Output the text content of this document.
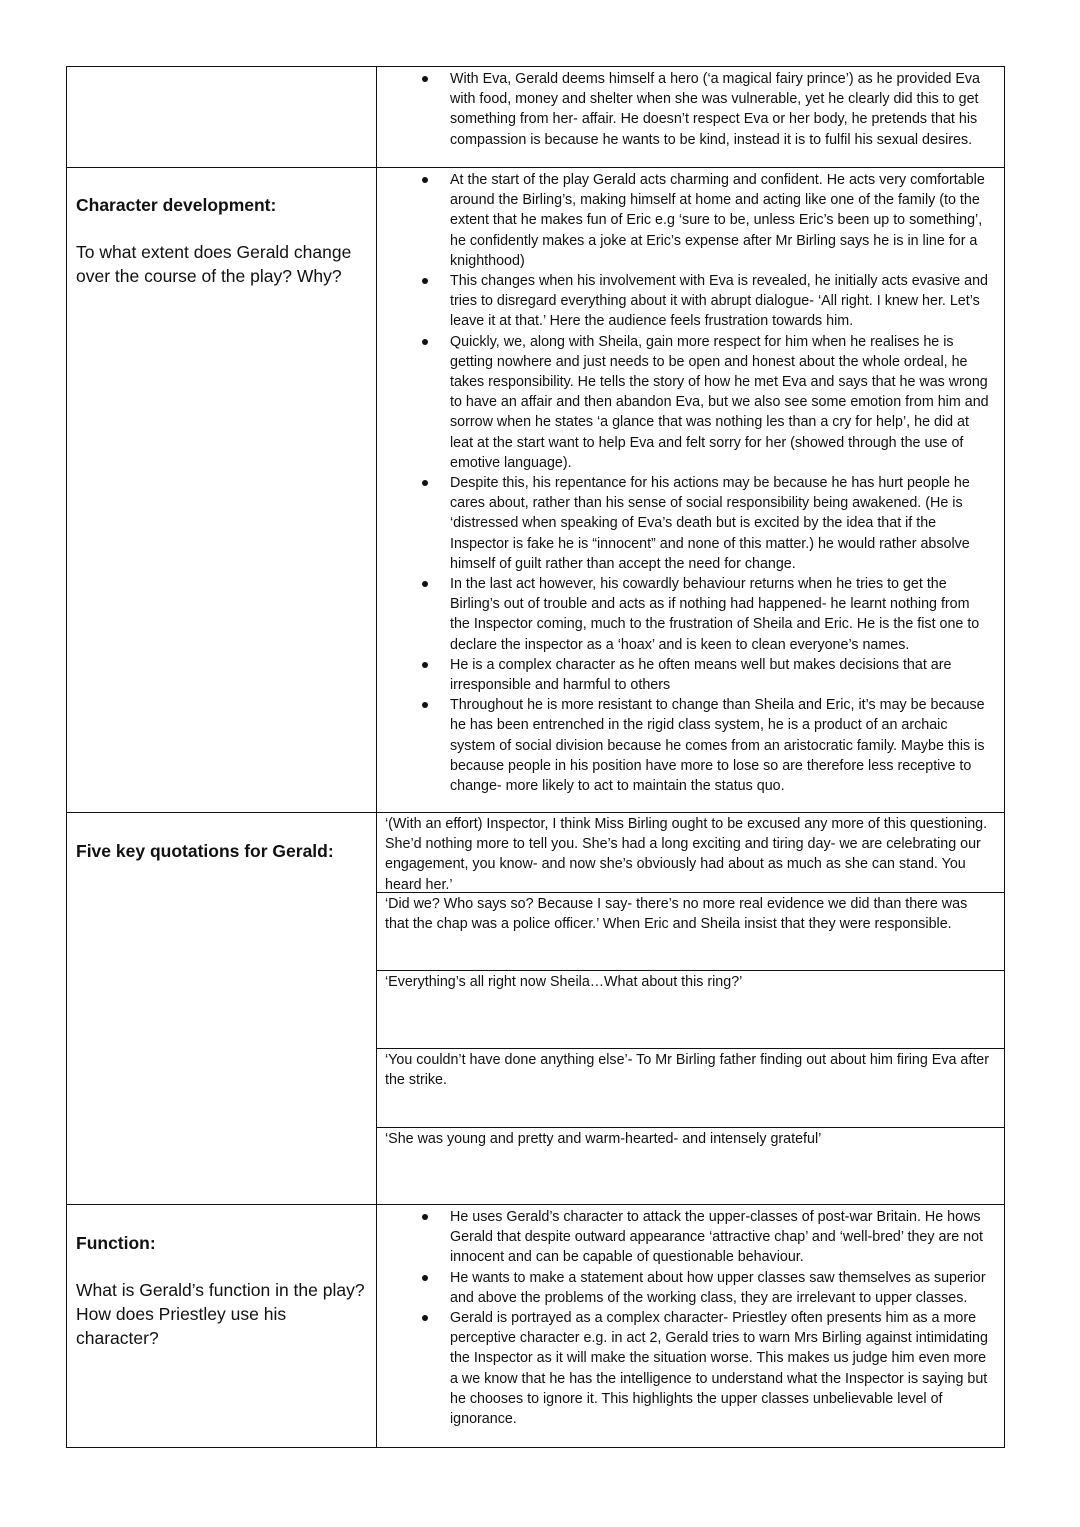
With Eva, Gerald deems himself a hero (‘a magical fairy prince’) as he provided Eva with food, money and shelter when she was vulnerable, yet he clearly did this to get something from her- affair. He doesn’t respect Eva or her body, he pretends that his compassion is because he wants to be kind, instead it is to fulfil his sexual desires.

Character development:

To what extent does Gerald change over the course of the play? Why?

At the start of the play Gerald acts charming and confident. He acts very comfortable around the Birling’s, making himself at home and acting like one of the family (to the extent that he makes fun of Eric e.g ‘sure to be, unless Eric’s been up to something’, he confidently makes a joke at Eric’s expense after Mr Birling says he is in line for a knighthood)
This changes when his involvement with Eva is revealed, he initially acts evasive and tries to disregard everything about it with abrupt dialogue- ‘All right. I knew her. Let’s leave it at that.’ Here the audience feels frustration towards him.
Quickly, we, along with Sheila, gain more respect for him when he realises he is getting nowhere and just needs to be open and honest about the whole ordeal, he takes responsibility. He tells the story of how he met Eva and says that he was wrong to have an affair and then abandon Eva, but we also see some emotion from him and sorrow when he states ‘a glance that was nothing les than a cry for help’, he did at leat at the start want to help Eva and felt sorry for her (showed through the use of emotive language).
Despite this, his repentance for his actions may be because he has hurt people he cares about, rather than his sense of social responsibility being awakened. (He is ‘distressed when speaking of Eva’s death but is excited by the idea that if the Inspector is fake he is “innocent” and none of this matter.) he would rather absolve himself of guilt rather than accept the need for change.
In the last act however, his cowardly behaviour returns when he tries to get the Birling’s out of trouble and acts as if nothing had happened- he learnt nothing from the Inspector coming, much to the frustration of Sheila and Eric. He is the fist one to declare the inspector as a ‘hoax’ and is keen to clean everyone’s names.
He is a complex character as he often means well but makes decisions that are irresponsible and harmful to others
Throughout he is more resistant to change than Sheila and Eric, it’s may be because he has been entrenched in the rigid class system, he is a product of an archaic system of social division because he comes from an aristocratic family. Maybe this is because people in his position have more to lose so are therefore less receptive to change- more likely to act to maintain the status quo.

Five key quotations for Gerald:

‘(With an effort) Inspector, I think Miss Birling ought to be excused any more of this questioning. She’d nothing more to tell you. She’s had a long exciting and tiring day- we are celebrating our engagement, you know- and now she’s obviously had about as much as she can stand. You heard her.’

‘Did we? Who says so? Because I say- there’s no more real evidence we did than there was that the chap was a police officer.’ When Eric and Sheila insist that they were responsible.

‘Everything’s all right now Sheila…What about this ring?’

‘You couldn’t have done anything else’- To Mr Birling father finding out about him firing Eva after the strike.

‘She was young and pretty and warm-hearted- and intensely grateful’

Function:

What is Gerald’s function in the play? How does Priestley use his character?

He uses Gerald’s character to attack the upper-classes of post-war Britain. He hows Gerald that despite outward appearance ‘attractive chap’ and ‘well-bred’ they are not innocent and can be capable of questionable behaviour.
He wants to make a statement about how upper classes saw themselves as superior and above the problems of the working class, they are irrelevant to upper classes.
Gerald is portrayed as a complex character- Priestley often presents him as a more perceptive character e.g. in act 2, Gerald tries to warn Mrs Birling against intimidating the Inspector as it will make the situation worse. This makes us judge him even more a we know that he has the intelligence to understand what the Inspector is saying but he chooses to ignore it. This highlights the upper classes unbelievable level of ignorance.
